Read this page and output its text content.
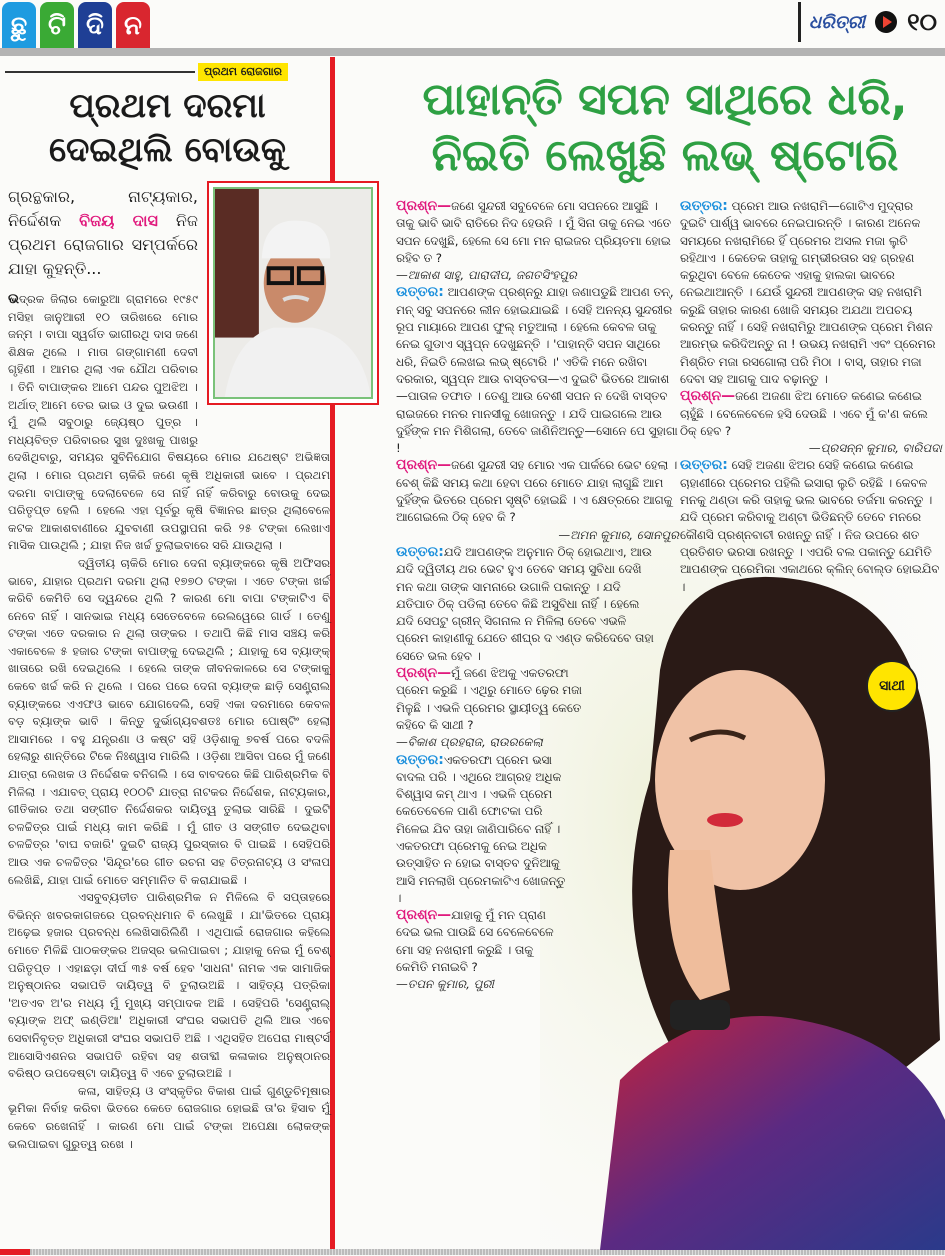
ଛୁ ଟି ଦି ନ	ଧରିତ୍ରୀ ୧୦
ପ୍ରଥମ ରୋଜଗାର
ପ୍ରଥମ ଦରମା
ଦେଇଥିଲି ବୋଉକୁ
ଗ୍ରନ୍ଥକାର, ନାଟ୍ୟକାର, ନିର୍ଦ୍ଦେଶକ ବିଜୟ ଦାସ ନିଜ ପ୍ରଥମ ରୋଜଗାର ସମ୍ପର୍କରେ ଯାହା କୁହନ୍ତି...

ଭଦ୍ରକ ଜିଲାର କୋରୁଆ ଗ୍ରାମରେ ୧୯୫୯ ମସିହା ଜାନୁଆରୀ ୧୦ ତାରିଖରେ ମୋର ଜନ୍ମ । ବାପା ସ୍ୱର୍ଗତ ଭାଗୀରଥି ଦାସ ଜଣେ ଶିକ୍ଷକ ଥିଲେ । ମାତା ଗଙ୍ଗାମଣୀ ଦେବୀ ଗୃହିଣୀ । ଆମର ଥିଲା ଏକ ଯୌଥ ପରିବାର । ତିନି ବାପାଙ୍କର ଆମେ ପନ୍ଦର ପୁଅଝିଅ । ଅର୍ଥାତ୍ ଆମେ ତେର ଭାଇ ଓ ଦୁଇ ଭଉଣୀ । ମୁଁ ଥିଲି ସବୁଠାରୁ ଜ୍ୟେଷ୍ଠ ପୁତ୍ର । ମଧ୍ୟବିତ୍ତ ପରିବାରର ସୁଖ ଦୁଃଖକୁ ପାଖରୁ ଦେଖିଥିବାରୁ, ସମୟର ସୁବିନିଯୋଗ ବିଷୟରେ ମୋର ଯଥେଷ୍ଟ ଅଭିଜ୍ଞତା ଥିଲା । ମୋର ପ୍ରଥମ ଚାକିରି ଜଣେ କୃଷି ଅଧିକାରୀ ଭାବେ । ପ୍ରଥମ ଦରମା ବାପାଙ୍କୁ ଦେଲାବେଳେ ସେ ନାହିଁ ନାହିଁ କରିବାରୁ ବୋଉକୁ ଦେଇ ପରିତୃପ୍ତ ହେଲି । ହେଲେ ଏହା ପୂର୍ବରୁ କୃଷି ବିଜ୍ଞାନର ଛାତ୍ର ଥିଲାବେଳେ କଟକ ଆକାଶବାଣୀରେ ଯୁବବାଣୀ ଉପସ୍ଥାପନା କରି ୨୫ ଟଙ୍କା ଲେଖାଏ ମାସିକ ପାଉଥିଲି ; ଯାହା ନିଜ ଖର୍ଚ୍ଚ ତୁଲାଇବାରେ ସରି ଯାଉଥିଲା ।

ଦ୍ୱିତୀୟ ଚାକିରି ମୋର ଦେନା ବ୍ୟାଙ୍କରେ କୃଷି ଅଫିସର ଭାବେ, ଯାହାର ପ୍ରଥମ ଦରମା ଥିଲା ୧୭୭୦ ଟଙ୍କା । ଏତେ ଟଙ୍କା ଖର୍ଚ୍ଚ କରିବି କେମିତି ସେ ଦ୍ୱନ୍ଦରେ ଥିଲି ? କାରଣ ମୋ ବାପା ଟଙ୍କାଟିଏ ବି ନେବେ ନାହିଁ । ସାନଭାଇ ମଧ୍ୟ ସେତେବେଳେ ରେଲୱେରେ ଗାର୍ଡ । ତେଣୁ ଟଙ୍କା ଏତେ ଦରକାର ନ ଥିଲା ତାଙ୍କର । ତଥାପି କିଛି ମାସ ସଞ୍ଚୟ କରି ଏକାବେଳେ ୫ ହଜାର ଟଙ୍କା ବାପାଙ୍କୁ ଦେଇଥିଲି ; ଯାହାକୁ ସେ ବ୍ୟାଙ୍କ୍ ଖାତାରେ ରଖି ଦେଇଥିଲେ । ହେଲେ ତାଙ୍କ ଜୀବନକାଳରେ ସେ ଟଙ୍କାକୁ କେବେ ଖର୍ଚ୍ଚ କରି ନ ଥିଲେ । ପରେ ପରେ ଦେନା ବ୍ୟାଙ୍କ ଛାଡ଼ି ସେଣ୍ଟ୍ରାଲ ବ୍ୟାଙ୍କରେ ଏଏଫଓ ଭାବେ ଯୋଗଦେଲି, ସେହି ଏକା ଦରମାରେ କେବଳ ବଡ଼ ବ୍ୟାଙ୍କ ଭାବି । କିନ୍ତୁ ଦୁର୍ଭାଗ୍ୟବଶତଃ ମୋର ପୋଷ୍ଟିଂ ହେଲା ଆସାମରେ । ବହୁ ଯନ୍ତ୍ରଣା ଓ କଷ୍ଟ ସହି ଓଡ଼ିଶାକୁ ୭ବର୍ଷ ପରେ ବଦଳି ହେଲାରୁ ଶାନ୍ତିରେ ଟିକେ ନିଃଶ୍ୱାସ ମାରିଲି । ଓଡ଼ିଶା ଆସିବା ପରେ ମୁଁ ଜଣେ ଯାତ୍ରା ଲେଖକ ଓ ନିର୍ଦ୍ଦେଶକ ବନିଗଲି । ସେ ବାବଦରେ କିଛି ପାରିଶ୍ରମିକ ବି ମିଳିଲା । ଏଯାବତ୍ ପ୍ରାୟ ୧୦୦ଟି ଯାତ୍ରା ନାଟକର ନିର୍ଦ୍ଦେଶକ, ନାଟ୍ୟକାର, ଗୀତିକାର ତଥା ସଙ୍ଗୀତ ନିର୍ଦ୍ଦେଶକର ଦାୟିତ୍ୱ ତୁଲାଇ ସାରିଛି । ଦୁଇଟି ଚଳଚ୍ଚିତ୍ର ପାଇଁ ମଧ୍ୟ କାମ କରିଛି । ମୁଁ ଗୀତ ଓ ସଙ୍ଗୀତ ଦେଇଥିବା ଚଳଚ୍ଚିତ୍ର 'ବାଘ ବଜାରି' ଦୁଇଟି ରାଜ୍ୟ ପୁରସ୍କାର ବି ପାଇଛି । ସେହିପରି ଆଉ ଏକ ଚଳଚ୍ଚିତ୍ର 'ସିନ୍ଦୂର'ରେ ଗୀତ ରଚନା ସହ ଚିତ୍ରନାଟ୍ୟ ଓ ସଂଳାପ ଲେଖିଛି, ଯାହା ପାଇଁ ମୋତେ ସମ୍ମାନିତ ବି କରାଯାଇଛି ।

ଏସବୁବ୍ୟତୀତ ପାରିଶ୍ରମିକ ନ ମିଳିଲେ ବି ସପ୍ତାହରେ ବିଭିନ୍ନ ଖବରକାଗଜରେ ପ୍ରବନ୍ଧମାନ ବି ଲେଖୁଛି । ଯା'ଭିତରେ ପ୍ରାୟ ଅଢ଼େଇ ହଜାର ପ୍ରବନ୍ଧ ଲେଖିସାରିଲିଣି । ଏଥିପାଇଁ ରୋଜଗାର କହିଲେ ମୋତେ ମିଳିଛି ପାଠକଙ୍କର ଅଜସ୍ର ଭଲପାଇବା ; ଯାହାକୁ ନେଇ ମୁଁ ବେଶ୍ ପରିତୃପ୍ତ । ଏହାଛଡ଼ା ଦୀର୍ଘ ୩୫ ବର୍ଷ ହେବ 'ସାଧନା' ନାମକ ଏକ ସାମାଜିକ ଅନୁଷ୍ଠାନର ସଭାପତି ଦାୟିତ୍ୱ ବି ତୁଲାଉଅଛି । ସାହିତ୍ୟ ପତ୍ରିକା 'ଅତଏବ ଅ'ର ମଧ୍ୟ ମୁଁ ମୁଖ୍ୟ ସମ୍ପାଦକ ଅଛି । ସେହିପରି 'ସେଣ୍ଟ୍ରାଲ୍ ବ୍ୟାଙ୍କ ଅଫ୍ ଇଣ୍ଡିଆ' ଅଧିକାରୀ ସଂଘର ସଭାପତି ଥିଲି ଆଉ ଏବେ ସେବାନିବୃତ୍ତ ଅଧିକାରୀ ସଂଘର ସଭାପତି ଅଛି । ଏଥିସହିତ ଅପେରା ମାଷ୍ଟର୍ସ ଆସୋସିଏଶନର ସଭାପତି ରହିବା ସହ ଶତାବ୍ଦୀ କଳାକାର ଅନୁଷ୍ଠାନର ବରିଷ୍ଠ ଉପଦେଷ୍ଟା ଦାୟିତ୍ୱ ବି ଏବେ ତୁଲାଉଅଛି ।

କଳା, ସାହିତ୍ୟ ଓ ସଂସ୍କୃତିର ବିକାଶ ପାଇଁ ଗୁଣ୍ଡୁଚିମୂଷାର ଭୂମିକା ନିର୍ବାହ କରିବା ଭିତରେ କେତେ ରୋଜଗାର ହୋଇଛି ତା'ର ହିସାବ ମୁଁ କେବେ ରଖେନାହିଁ । କାରଣ ମୋ ପାଇଁ ଟଙ୍କା ଅପେକ୍ଷା ଲୋକଙ୍କ ଭଲପାଇବା ଗୁରୁତ୍ୱ ରଖେ ।

ପାହାନ୍ତି ସପନ ସାଥିରେ ଧରି,
ନିଇତି ଲେଖୁଛି ଲଭ୍ ଷ୍ଟୋରି

ପ୍ରଶ୍ନ—ଜଣେ ସୁନ୍ଦରୀ ସବୁବେଳେ ମୋ ସପନରେ ଆସୁଛି । ତାକୁ ଭାବି ଭାବି ରାତିରେ ନିଦ ହେଉନି । ମୁଁ ସିନା ତାକୁ ନେଇ ଏତେ ସପନ ଦେଖୁଛି, ହେଲେ ସେ ମୋ ମନ ରାଇଜର ପ୍ରିୟତମା ହୋଇ ରହିବ ତ ?

—ଆକାଶ ସାହୁ, ପାରାଦୀପ, ଜଗତସିଂହପୁର

ଉତ୍ତର: ଆପଣଙ୍କ ପ୍ରଶ୍ନରୁ ଯାହା ଜଣାପଡୁଛି ଆପଣ ତନ୍, ମନ୍ ସବୁ ସପନରେ ଲୀନ ହୋଇଯାଇଛି । ସେହି ଅନନ୍ୟ ସୁନ୍ଦରୀର ରୂପ ମାୟାରେ ଆପଣ ଫୁଲ୍ ମତୁଆଲା । ହେଲେ କେବଳ ତାକୁ ନେଇ ଗୁଡାଏ ସ୍ୱପ୍ନ ଦେଖୁଛନ୍ତି । 'ପାହାନ୍ତି ସପନ ସାଥିରେ ଧରି, ନିଇତି ଲେଖଇ ଲଭ୍ ଷ୍ଟୋରି ।' ଏତିକି ମନେ ରଖିବା ଦରକାର, ସ୍ୱପ୍ନ ଆଉ ବାସ୍ତବତା—ଏ ଦୁଇଟି ଭିତରେ ଆକାଶ—ପାତାଳ ତଫାତ । ତେଣୁ ଆଉ ବେଶୀ ସପନ ନ ଦେଖି ବାସ୍ତବ ରାଇଜରେ ମନର ମାନସୀକୁ ଖୋଜନ୍ତୁ । ଯଦି ପାଇଗଲେ ଆଉ ଦୁହିଁଙ୍କ ମନ ମିଶିଗଲା, ତେବେ ଜାଣିନିଅନ୍ତୁ—ସୋନେ ପେ ସୁହାଗା !

ପ୍ରଶ୍ନ—ଜଣେ ସୁନ୍ଦରୀ ସହ ମୋର ଏକ ପାର୍କରେ ଭେଟ ହେଲା । ବେଶ୍ କିଛି ସମୟ କଥା ହେବା ପରେ ମୋତେ ଯାହା ଲାଗୁଛି ଆମ ଦୁହିଁଙ୍କ ଭିତରେ ପ୍ରେମ ସୃଷ୍ଟି ହୋଇଛି । ଏ କ୍ଷେତ୍ରରେ ଆଗକୁ ଆଗେଇଲେ ଠିକ୍ ହେବ କି ?

—ଅମନ କୁମାର, ସୋନପୁର

ଉତ୍ତର:ଯଦି ଆପଣଙ୍କ ଅନୁମାନ ଠିକ୍ ହୋଇଥାଏ, ଆଉ ଯଦି ଦ୍ୱିତୀୟ ଥର ଭେଟ ହୁଏ ତେବେ ସମୟ ସୁବିଧା ଦେଖି ମନ କଥା ତାଙ୍କ ସାମନାରେ ଉଗାଳି ପକାନ୍ତୁ । ଯଦି ଯତିପାତ ଠିକ୍ ପଡିଲା ତେବେ କିଛି ଅସୁବିଧା ନାହିଁ । ହେଲେ ଯଦି ସେପଟୁ ଗ୍ରୀନ୍ ସିଗନାଲ ନ ମିଳିଲା ତେବେ ଏଭଳି ପ୍ରେମ କାହାଣୀକୁ ଯେତେ ଶୀଘ୍ର ଦ ଏଣ୍ଡ କରିଦେବେ ତାହା ସେତେ ଭଲ ହେବ ।

ପ୍ରଶ୍ନ—ମୁଁ ଜଣେ ଝିଅକୁ ଏକତରଫା ପ୍ରେମ କରୁଛି । ଏଥିରୁ ମୋତେ ଢ଼େର ମଜା ମିଳୁଛି । ଏଭଳି ପ୍ରେମର ସ୍ଥାୟୀତ୍ୱ କେତେ କହିବେ କି ସାଥୀ ?

—ବିକାଶ ପ୍ରହରାଜ, ରାଉରକେଲା

ଉତ୍ତର:ଏକତରଫା ପ୍ରେମ ଭସା ବାଦଲ ପରି । ଏଥିରେ ଆଗ୍ରହ ଅଧିକ ବିଶ୍ୱାସ କମ୍ ଥାଏ । ଏଭଳି ପ୍ରେମ କେତେବେଳେ ପାଣି ଫୋଟକା ପରି ମିଳେଇ ଯିବ ତାହା ଜାଣିପାରିବେ ନାହିଁ । ଏକତରଫା ପ୍ରେମକୁ ନେଇ ଅଧିକ ଉତ୍ସାହିତ ନ ହୋଇ ବାସ୍ତବ ଦୁନିଆକୁ ଆସି ମନଲାଖି ପ୍ରେମକାଟିଏ ଖୋଜନ୍ତୁ ।

ପ୍ରଶ୍ନ—ଯାହାକୁ ମୁଁ ମନ ପ୍ରାଣ ଦେଇ ଭଲ ପାଉଛି ସେ ବେଳେବେଳେ ମୋ ସହ ନଖରାମୀ କରୁଛି । ତାକୁ କେମିତି ମନାଇବି ?

—ତପନ କୁମାର, ପୁରୀ

ଉତ୍ତର: ପ୍ରେମ ଆଉ ନଖରାମି—ଗୋଟିଏ ମୁଦ୍ରାର ଦୁଇଟି ପାର୍ଶ୍ୱ ଭାବରେ ନେଇପାରନ୍ତି । କାରଣ ଅନେକ ସମୟରେ ନଖରାମିରେ ହିଁ ପ୍ରେମର ଅସଲ ମଜା ଲୁଚି ରହିଥାଏ । କେତେକ ତାହାକୁ ଗମ୍ଭୀରତାର ସହ ଗ୍ରହଣ କରୁଥିବା ବେଳେ କେତେକ ଏହାକୁ ହାଲକା ଭାବରେ ନେଇଥାଆନ୍ତି । ଯେଉଁ ସୁନ୍ଦରୀ ଆପଣଙ୍କ ସହ ନଖରାମି କରୁଛି ତାହାର କାରଣ ଖୋଜି ସମୟର ଅଯଥା ଅପଚୟ କରନ୍ତୁ ନାହିଁ । ସେହି ନଖରାମିରୁ ଆପଣଙ୍କ ପ୍ରେମ ମିଶନ ଆରମ୍ଭ କରିଦିଅନ୍ତୁ ନା ! ଉଭୟ ନଖରାମି ଏବଂ ପ୍ରେମର ମିଶ୍ରିତ ମଜା ରସଗୋଲା ପରି ମିଠା । ବାସ୍, ତାହାର ମଜା ଦେବା ସହ ଆଗକୁ ପାଦ ବଢ଼ାନ୍ତୁ ।

ପ୍ରଶ୍ନ—ଜଣେ ଅଜଣା ଝିଅ ମୋତେ କଣେଇ କଣେଇ ଚାହୁଁଛି । ବେଳେବେଳେ ହସି ଦେଉଛି । ଏବେ ମୁଁ କ'ଣ କଲେ ଠିକ୍ ହେବ ?

—ପ୍ରସନ୍ନ କୁମାର, ବାରିପଦା

ଉତ୍ତର: ସେହି ଅଜଣା ଝିଅର ସେହି କଣେଇ କଣେଇ ଚାହାଣୀରେ ପ୍ରେମର ପହିଲି ଇସାରା ଲୁଚି ରହିଛି । କେବଳ ମନକୁ ଥଣ୍ଡା କରି ତାହାକୁ ଭଲ ଭାବରେ ତର୍ଜମା କରନ୍ତୁ । ଯଦି ପ୍ରେମ କରିବାକୁ ଅଣ୍ଟା ଭିଡିଛନ୍ତି ତେବେ ମନରେ କୌଣସି ପ୍ରଶ୍ନବାଚୀ ରଖନ୍ତୁ ନାହିଁ । ନିଜ ଉପରେ ଶତ ପ୍ରତିଶତ ଭରସା ରଖନ୍ତୁ । ଏପରି ବଲ ପକାନ୍ତୁ ଯେମିତି ଆପଣଙ୍କ ପ୍ରେମିକା ଏକାଥରେ କ୍ଲିନ୍ ବୋଲ୍ଡ ହୋଇଯିବ ।

ସାଥୀ
